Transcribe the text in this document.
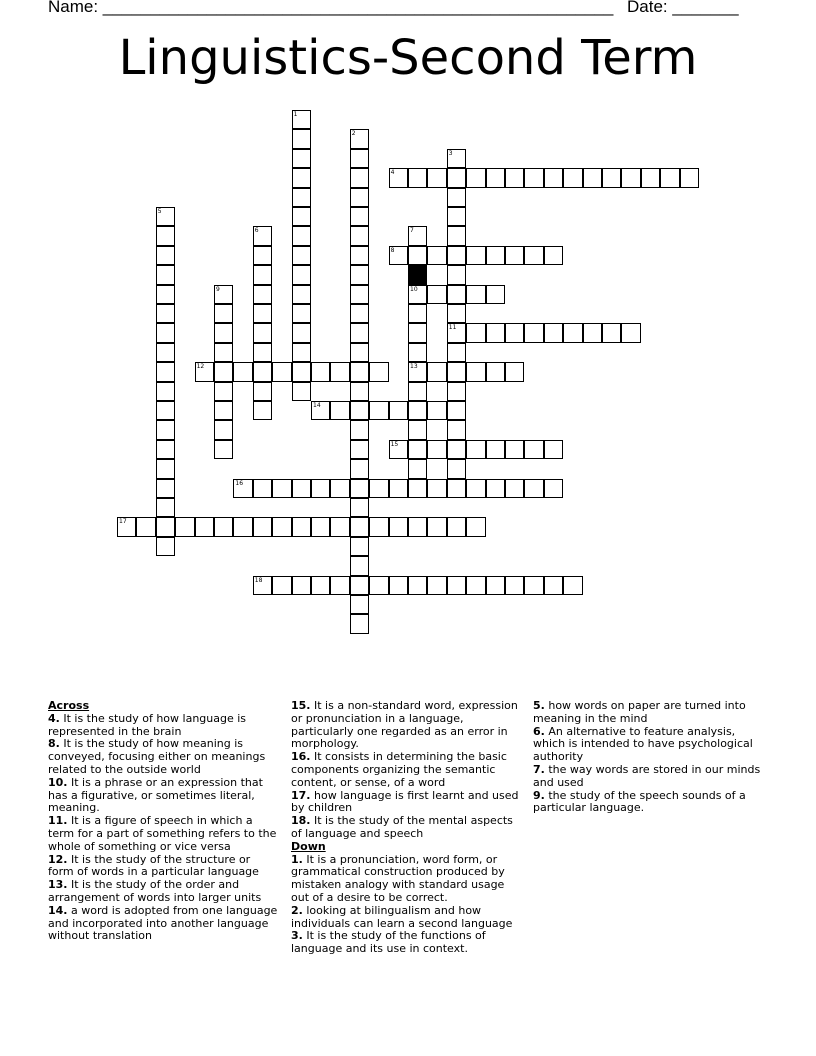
Name: ______________________________________________________ Date: _______
Linguistics-Second Term
1
2
3
11
4
5
6	7
10
13
8
9
12
14
15
16
17
18
Across
4. It is the study of how language is represented in the brain
8. It is the study of how meaning is conveyed, focusing either on meanings related to the outside world
10. It is a phrase or an expression that has a figurative, or sometimes literal, meaning.
11. It is a figure of speech in which a term for a part of something refers to the whole of something or vice versa
12. It is the study of the structure or form of words in a particular language
13. It is the study of the order and arrangement of words into larger units
14. a word is adopted from one language and incorporated into another language without translation
15. It is a non-standard word, expression or pronunciation in a language, particularly one regarded as an error in morphology.
16. It consists in determining the basic components organizing the semantic content, or sense, of a word
17. how language is first learnt and used by children
18. It is the study of the mental aspects of language and speech
Down
1. It is a pronunciation, word form, or grammatical construction produced by mistaken analogy with standard usage out of a desire to be correct.
2. looking at bilingualism and how individuals can learn a second language
3. It is the study of the functions of language and its use in context.
5. how words on paper are turned into meaning in the mind
6. An alternative to feature analysis, which is intended to have psychological authority
7. the way words are stored in our minds and used
9. the study of the speech sounds of a particular language.
